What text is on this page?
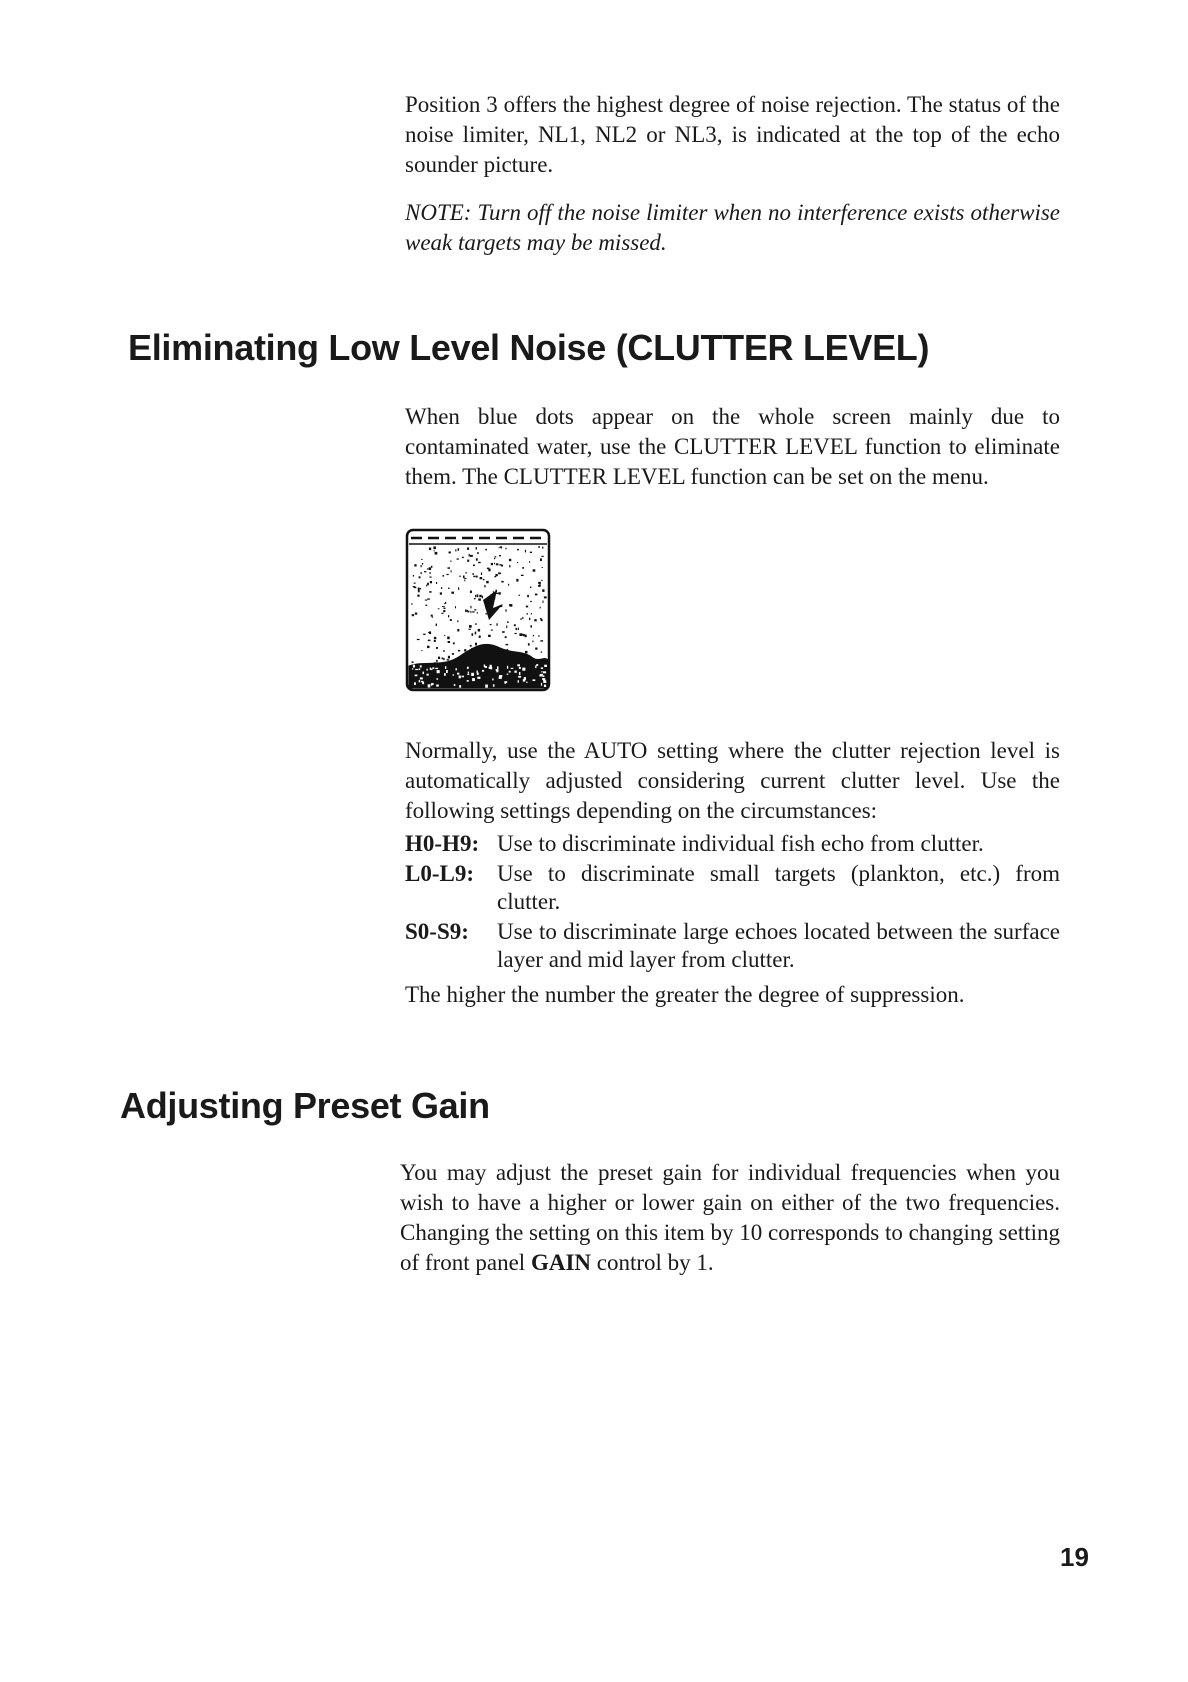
Position 3 offers the highest degree of noise rejection. The status of the noise limiter, NL1, NL2 or NL3, is indicated at the top of the echo sounder picture.

NOTE: Turn off the noise limiter when no interference exists otherwise weak targets may be missed.

Eliminating Low Level Noise (CLUTTER LEVEL)

When blue dots appear on the whole screen mainly due to contaminated water, use the CLUTTER LEVEL function to eliminate them. The CLUTTER LEVEL function can be set on the menu.

Normally, use the AUTO setting where the clutter rejection level is automatically adjusted considering current clutter level. Use the following settings depending on the circumstances:

H0-H9: Use to discriminate individual fish echo from clutter.
L0-L9:	Use to discriminate small targets (plankton, etc.) from clutter.
S0-S9:	Use to discriminate large echoes located between the surface layer and mid layer from clutter.

The higher the number the greater the degree of suppression.

Adjusting Preset Gain

You may adjust the preset gain for individual frequencies when you wish to have a higher or lower gain on either of the two frequencies. Changing the setting on this item by 10 corresponds to changing setting of front panel GAIN control by 1.

19
